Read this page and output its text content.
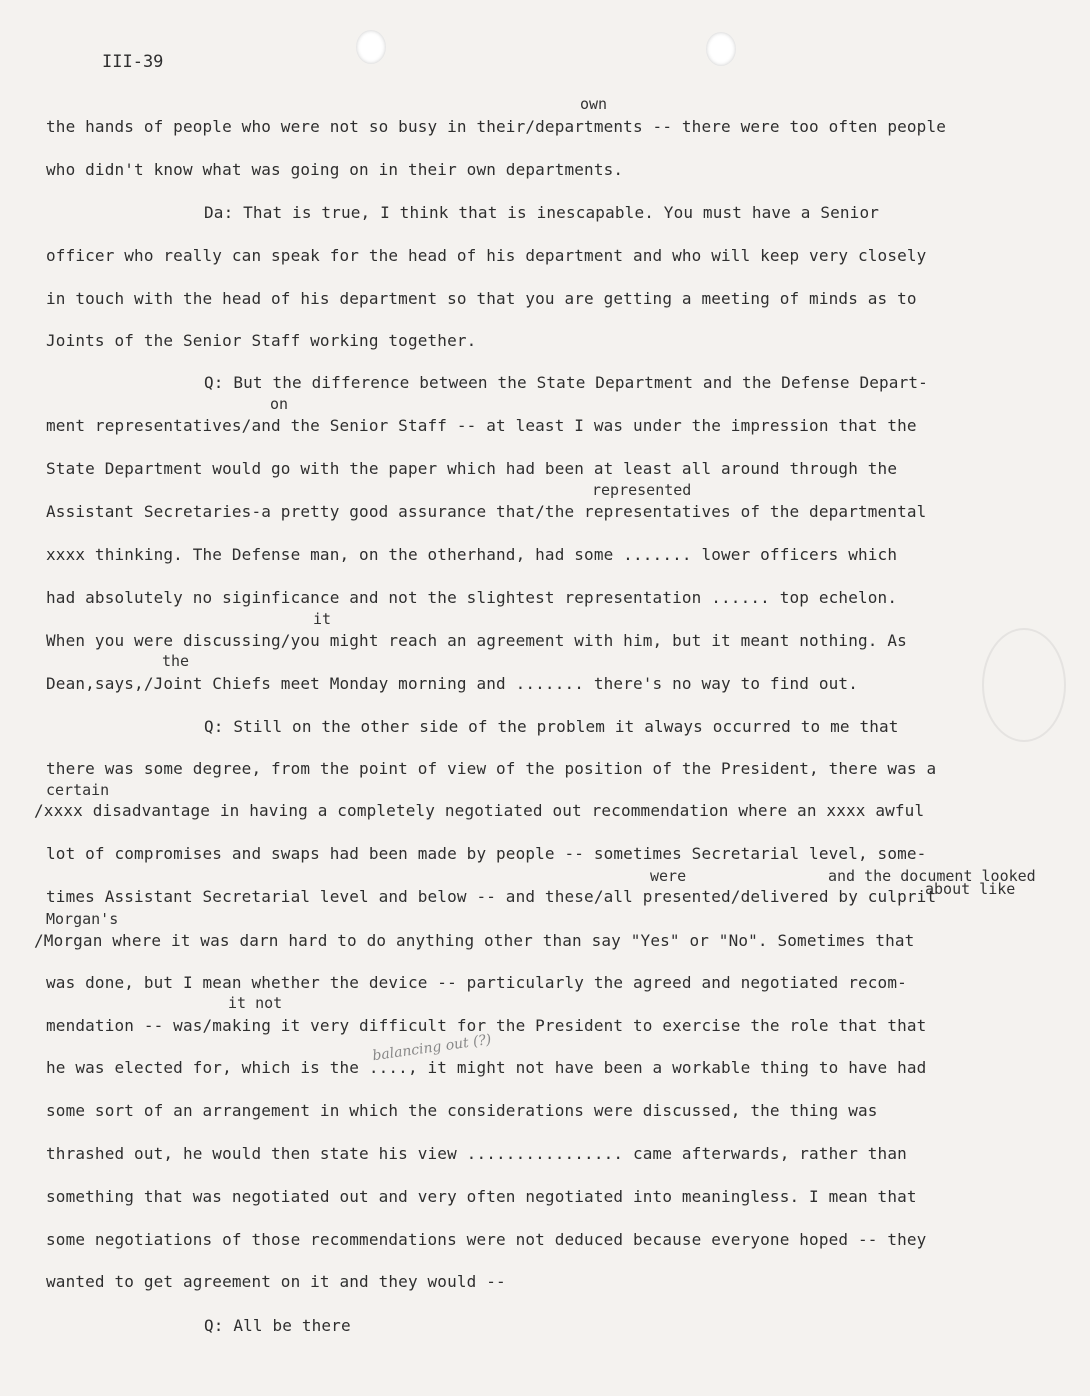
III-39
own
on
represented
it
the
certain
were	and the document looked
about like
Morgan's
it not
balancing out (?)
the hands of people who were not so busy in their/departments -- there were too often people
who didn't know what was going on in their own departments.
Da: That is true, I think that is inescapable. You must have a Senior
officer who really can speak for the head of his department and who will keep very closely
in touch with the head of his department so that you are getting a meeting of minds as to
Joints of the Senior Staff working together.
Q: But the difference between the State Department and the Defense Depart-
ment representatives/and the Senior Staff -- at least I was under the impression that the
State Department would go with the paper which had been at least all around through the
Assistant Secretaries-a pretty good assurance that/the representatives of the departmental
xxxx thinking. The Defense man, on the otherhand, had some ....... lower officers which
had absolutely no siginficance and not the slightest representation ...... top echelon.
When you were discussing/you might reach an agreement with him, but it meant nothing. As
Dean,says,/Joint Chiefs meet Monday morning and ....... there's no way to find out.
Q: Still on the other side of the problem it always occurred to me that
there was some degree, from the point of view of the position of the President, there was a
/xxxx disadvantage in having a completely negotiated out recommendation where an xxxx awful
lot of compromises and swaps had been made by people -- sometimes Secretarial level, some-
times Assistant Secretarial level and below -- and these/all presented/delivered by culprit
/Morgan where it was darn hard to do anything other than say "Yes" or "No". Sometimes that
was done, but I mean whether the device -- particularly the agreed and negotiated recom-
mendation -- was/making it very difficult for the President to exercise the role that that
he was elected for, which is the ...., it might not have been a workable thing to have had
some sort of an arrangement in which the considerations were discussed, the thing was
thrashed out, he would then state his view ................ came afterwards, rather than
something that was negotiated out and very often negotiated into meaningless. I mean that
some negotiations of those recommendations were not deduced because everyone hoped -- they
wanted to get agreement on it and they would --
Q: All be there
